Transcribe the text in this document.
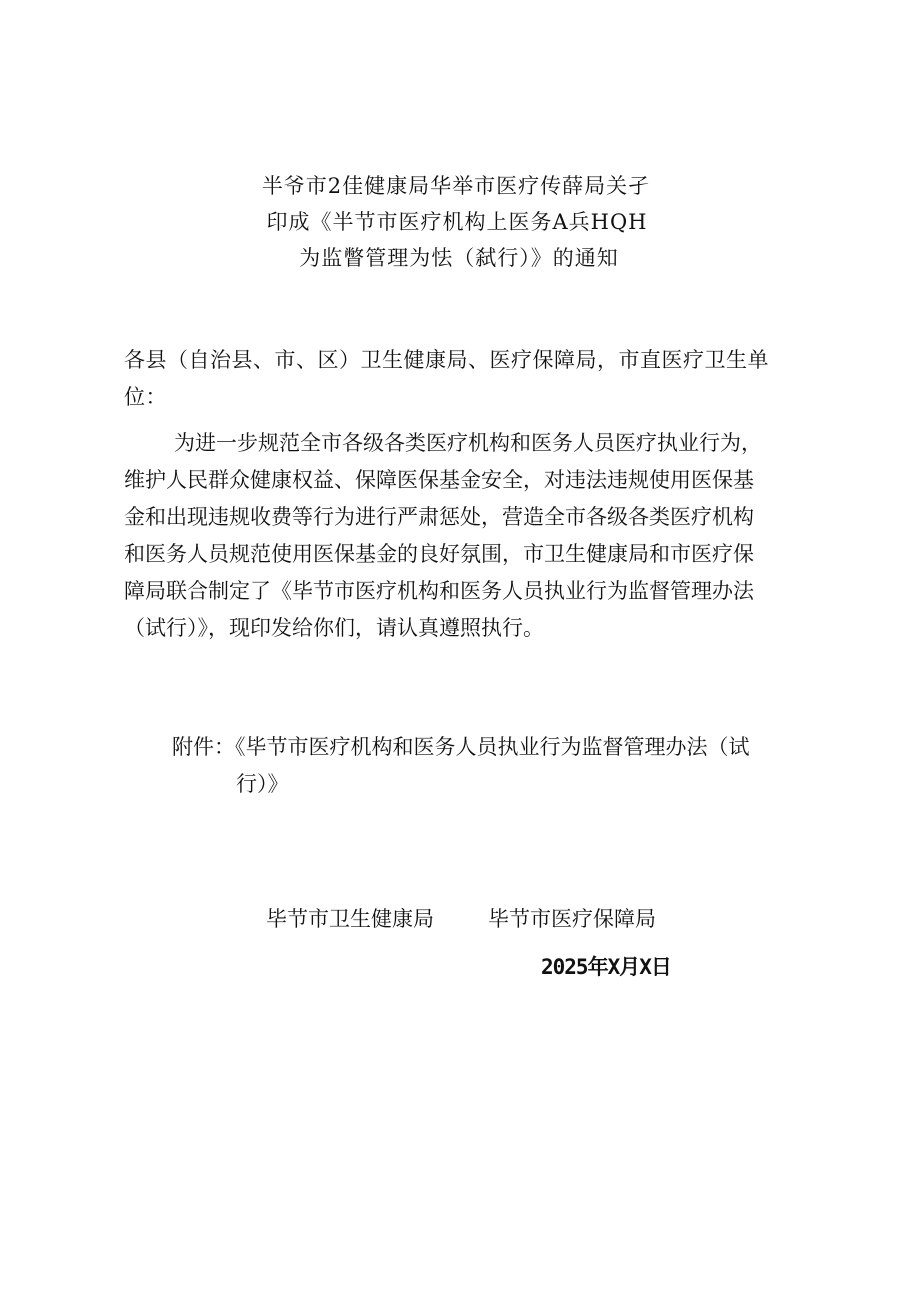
半爷市2佳健康局华举市医疗传薛局关孑
印成《半节市医疗机构上医务A兵HQH
为监瞥管理为怯（弑行）》的通知
各县（自治县、市、区）卫生健康局、医疗保障局，市直医疗卫生单
位：
为进一步规范全市各级各类医疗机构和医务人员医疗执业行为，
维护人民群众健康权益、保障医保基金安全，对违法违规使用医保基
金和出现违规收费等行为进行严肃惩处，营造全市各级各类医疗机构
和医务人员规范使用医保基金的良好氛围，市卫生健康局和市医疗保
障局联合制定了《毕节市医疗机构和医务人员执业行为监督管理办法
（试行）》，现印发给你们，请认真遵照执行。
附件：《毕节市医疗机构和医务人员执业行为监督管理办法（试
行）》
毕节市卫生健康局	毕节市医疗保障局
2025年X月X日
